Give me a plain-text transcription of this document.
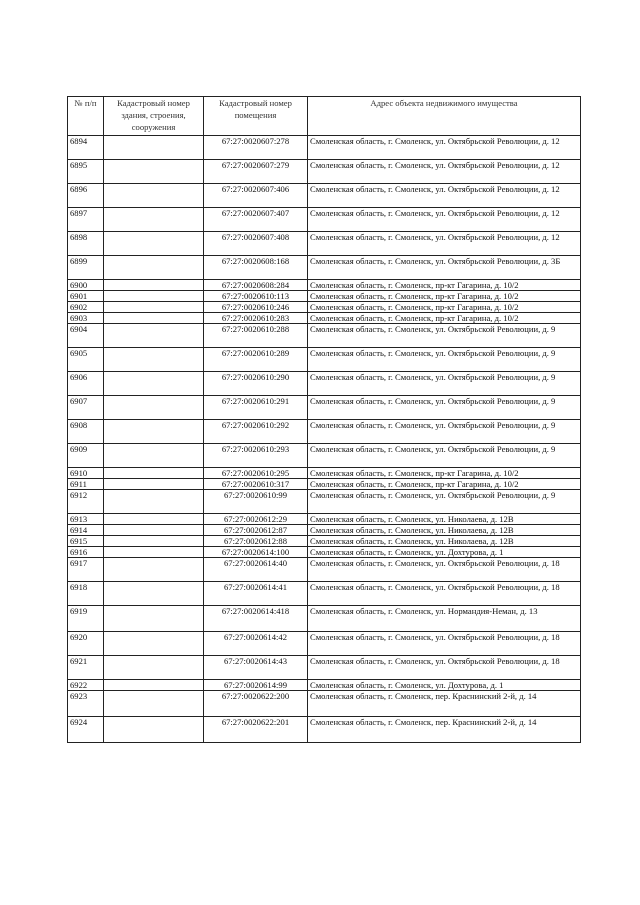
№ п/п	Кадастровый номер здания, строения, сооружения	Кадастровый номер помещения	Адрес объекта недвижимого имущества
6894		67:27:0020607:278	Смоленская область, г. Смоленск, ул. Октябрьской Революции, д. 12
6895		67:27:0020607:279	Смоленская область, г. Смоленск, ул. Октябрьской Революции, д. 12
6896		67:27:0020607:406	Смоленская область, г. Смоленск, ул. Октябрьской Революции, д. 12
6897		67:27:0020607:407	Смоленская область, г. Смоленск, ул. Октябрьской Революции, д. 12
6898		67:27:0020607:408	Смоленская область, г. Смоленск, ул. Октябрьской Революции, д. 12
6899		67:27:0020608:168	Смоленская область, г. Смоленск, ул. Октябрьской Революции, д. 3Б
6900		67:27:0020608:284	Смоленская область, г. Смоленск, пр-кт Гагарина, д. 10/2
6901		67:27:0020610:113	Смоленская область, г. Смоленск, пр-кт Гагарина, д. 10/2
6902		67:27:0020610:246	Смоленская область, г. Смоленск, пр-кт Гагарина, д. 10/2
6903		67:27:0020610:283	Смоленская область, г. Смоленск, пр-кт Гагарина, д. 10/2
6904		67:27:0020610:288	Смоленская область, г. Смоленск, ул. Октябрьской Революции, д. 9
6905		67:27:0020610:289	Смоленская область, г. Смоленск, ул. Октябрьской Революции, д. 9
6906		67:27:0020610:290	Смоленская область, г. Смоленск, ул. Октябрьской Революции, д. 9
6907		67:27:0020610:291	Смоленская область, г. Смоленск, ул. Октябрьской Революции, д. 9
6908		67:27:0020610:292	Смоленская область, г. Смоленск, ул. Октябрьской Революции, д. 9
6909		67:27:0020610:293	Смоленская область, г. Смоленск, ул. Октябрьской Революции, д. 9
6910		67:27:0020610:295	Смоленская область, г. Смоленск, пр-кт Гагарина, д. 10/2
6911		67:27:0020610:317	Смоленская область, г. Смоленск, пр-кт Гагарина, д. 10/2
6912		67:27:0020610:99	Смоленская область, г. Смоленск, ул. Октябрьской Революции, д. 9
6913		67:27:0020612:29	Смоленская область, г. Смоленск, ул. Николаева, д. 12В
6914		67:27:0020612:87	Смоленская область, г. Смоленск, ул. Николаева, д. 12В
6915		67:27:0020612:88	Смоленская область, г. Смоленск, ул. Николаева, д. 12В
6916		67:27:0020614:100	Смоленская область, г. Смоленск, ул. Дохтурова, д. 1
6917		67:27:0020614:40	Смоленская область, г. Смоленск, ул. Октябрьской Революции, д. 18
6918		67:27:0020614:41	Смоленская область, г. Смоленск, ул. Октябрьской Революции, д. 18
6919		67:27:0020614:418	Смоленская область, г. Смоленск, ул. Нормандия-Неман, д. 13
6920		67:27:0020614:42	Смоленская область, г. Смоленск, ул. Октябрьской Революции, д. 18
6921		67:27:0020614:43	Смоленская область, г. Смоленск, ул. Октябрьской Революции, д. 18
6922		67:27:0020614:99	Смоленская область, г. Смоленск, ул. Дохтурова, д. 1
6923		67:27:0020622:200	Смоленская область, г. Смоленск, пер. Краснинский 2-й, д. 14
6924		67:27:0020622:201	Смоленская область, г. Смоленск, пер. Краснинский 2-й, д. 14
